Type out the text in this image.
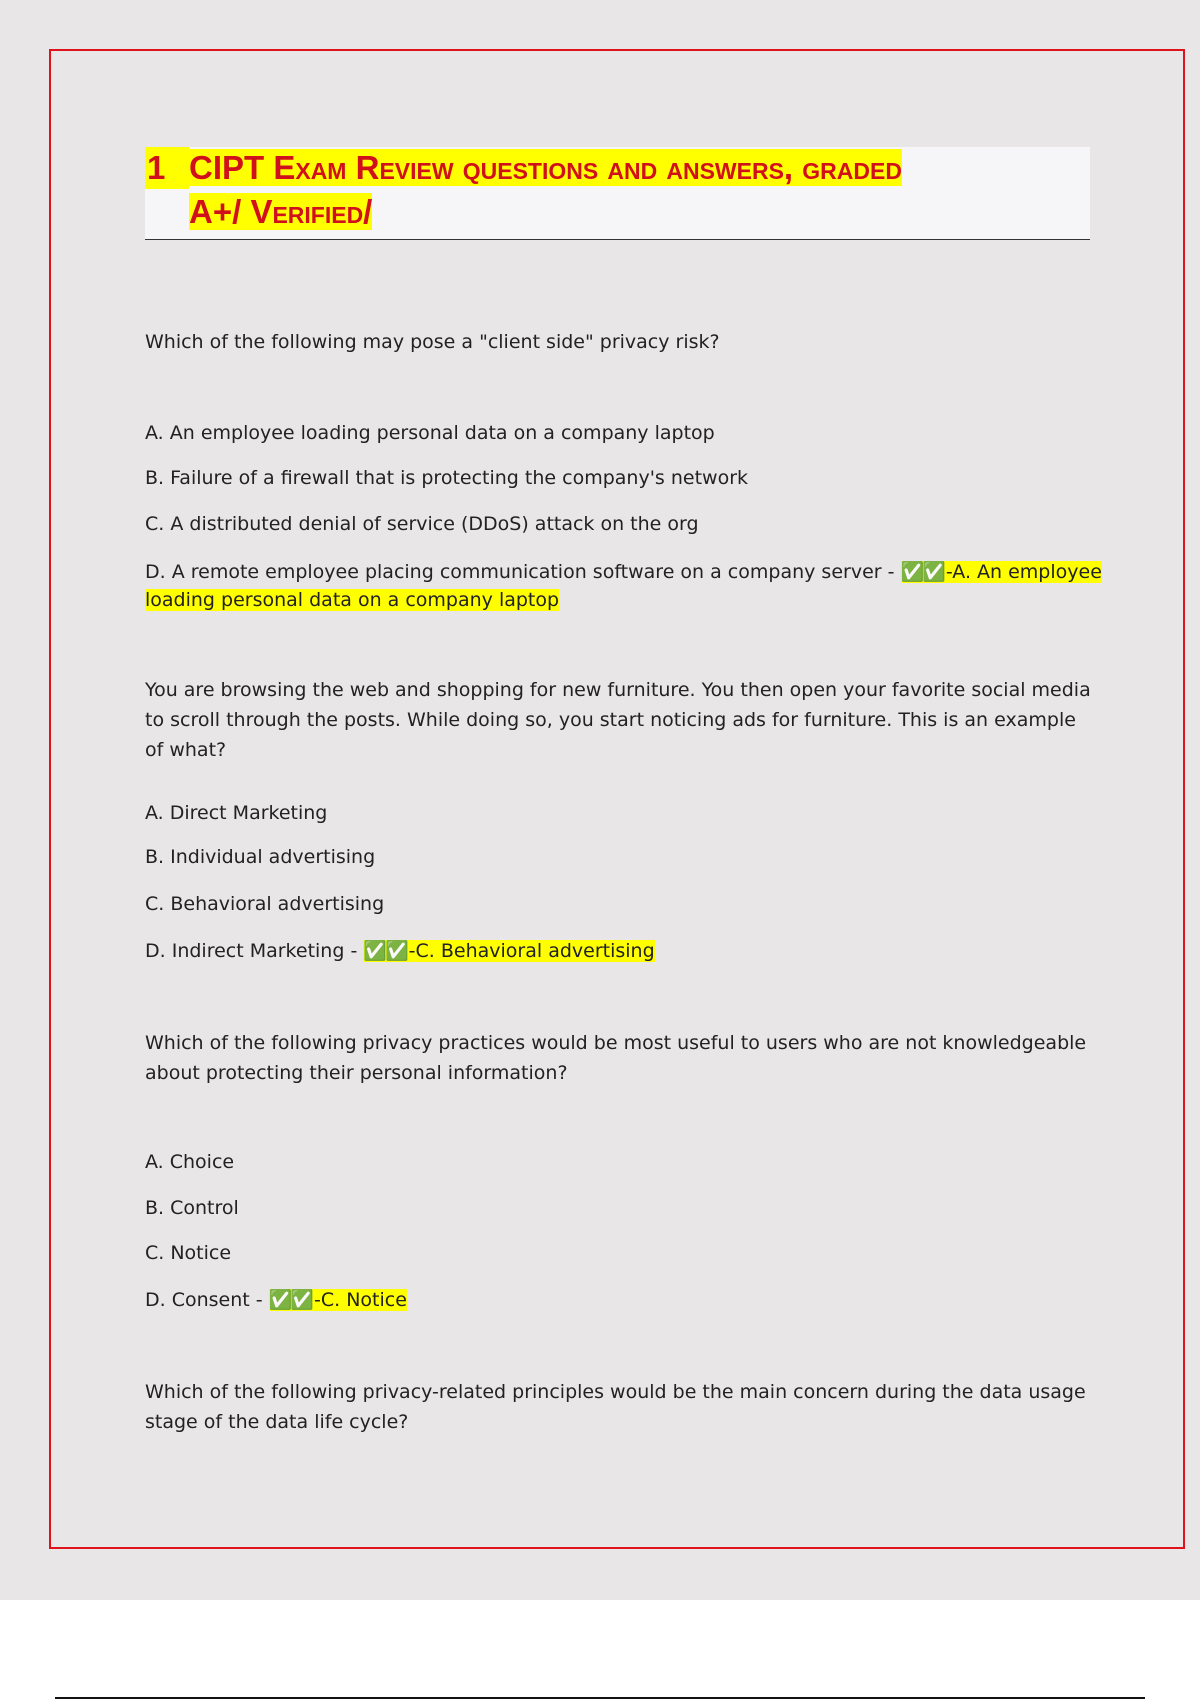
1 CIPT Exam Review questions and answers, graded
A+/ Verified/
Which of the following may pose a "client side" privacy risk?
A. An employee loading personal data on a company laptop
B. Failure of a firewall that is protecting the company's network
C. A distributed denial of service (DDoS) attack on the org
D. A remote employee placing communication software on a company server - ✅✅ -A. An employee
loading personal data on a company laptop
You are browsing the web and shopping for new furniture. You then open your favorite social media to scroll through the posts. While doing so, you start noticing ads for furniture. This is an example of what?
A. Direct Marketing
B. Individual advertising
C. Behavioral advertising
D. Indirect Marketing - ✅✅ -C. Behavioral advertising
Which of the following privacy practices would be most useful to users who are not knowledgeable about protecting their personal information?
A. Choice
B. Control
C. Notice
D. Consent - ✅✅ -C. Notice
Which of the following privacy-related principles would be the main concern during the data usage stage of the data life cycle?
